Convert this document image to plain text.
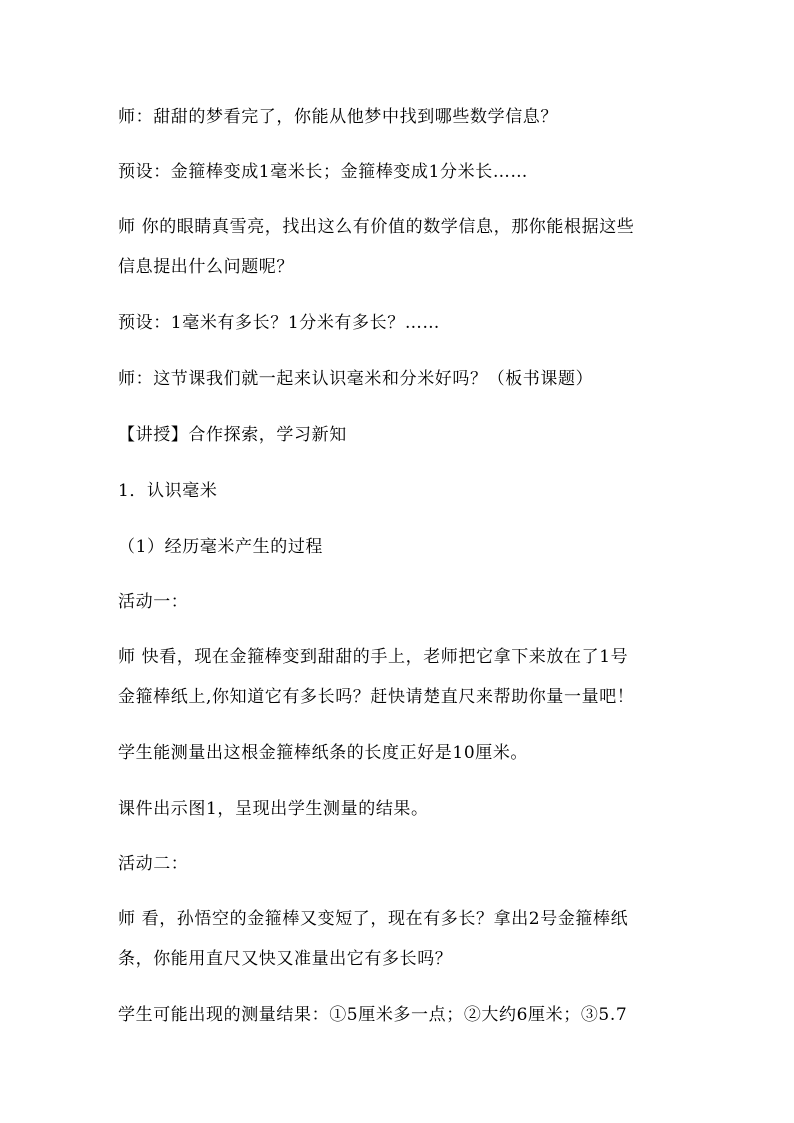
师：甜甜的梦看完了，你能从他梦中找到哪些数学信息？
预设：金箍棒变成1毫米长；金箍棒变成1分米长……
师 你的眼睛真雪亮，找出这么有价值的数学信息，那你能根据这些
信息提出什么问题呢？
预设：1毫米有多长？1分米有多长？……
师：这节课我们就一起来认识毫米和分米好吗？（板书课题）
【讲授】合作探索，学习新知
1．认识毫米
（1）经历毫米产生的过程
活动一：
师 快看，现在金箍棒变到甜甜的手上，老师把它拿下来放在了1号
金箍棒纸上,你知道它有多长吗？赶快请楚直尺来帮助你量一量吧！
学生能测量出这根金箍棒纸条的长度正好是10厘米。
课件出示图1，呈现出学生测量的结果。
活动二：
师 看，孙悟空的金箍棒又变短了，现在有多长？拿出2号金箍棒纸
条，你能用直尺又快又准量出它有多长吗？
学生可能出现的测量结果：①5厘米多一点；②大约6厘米；③5.7
